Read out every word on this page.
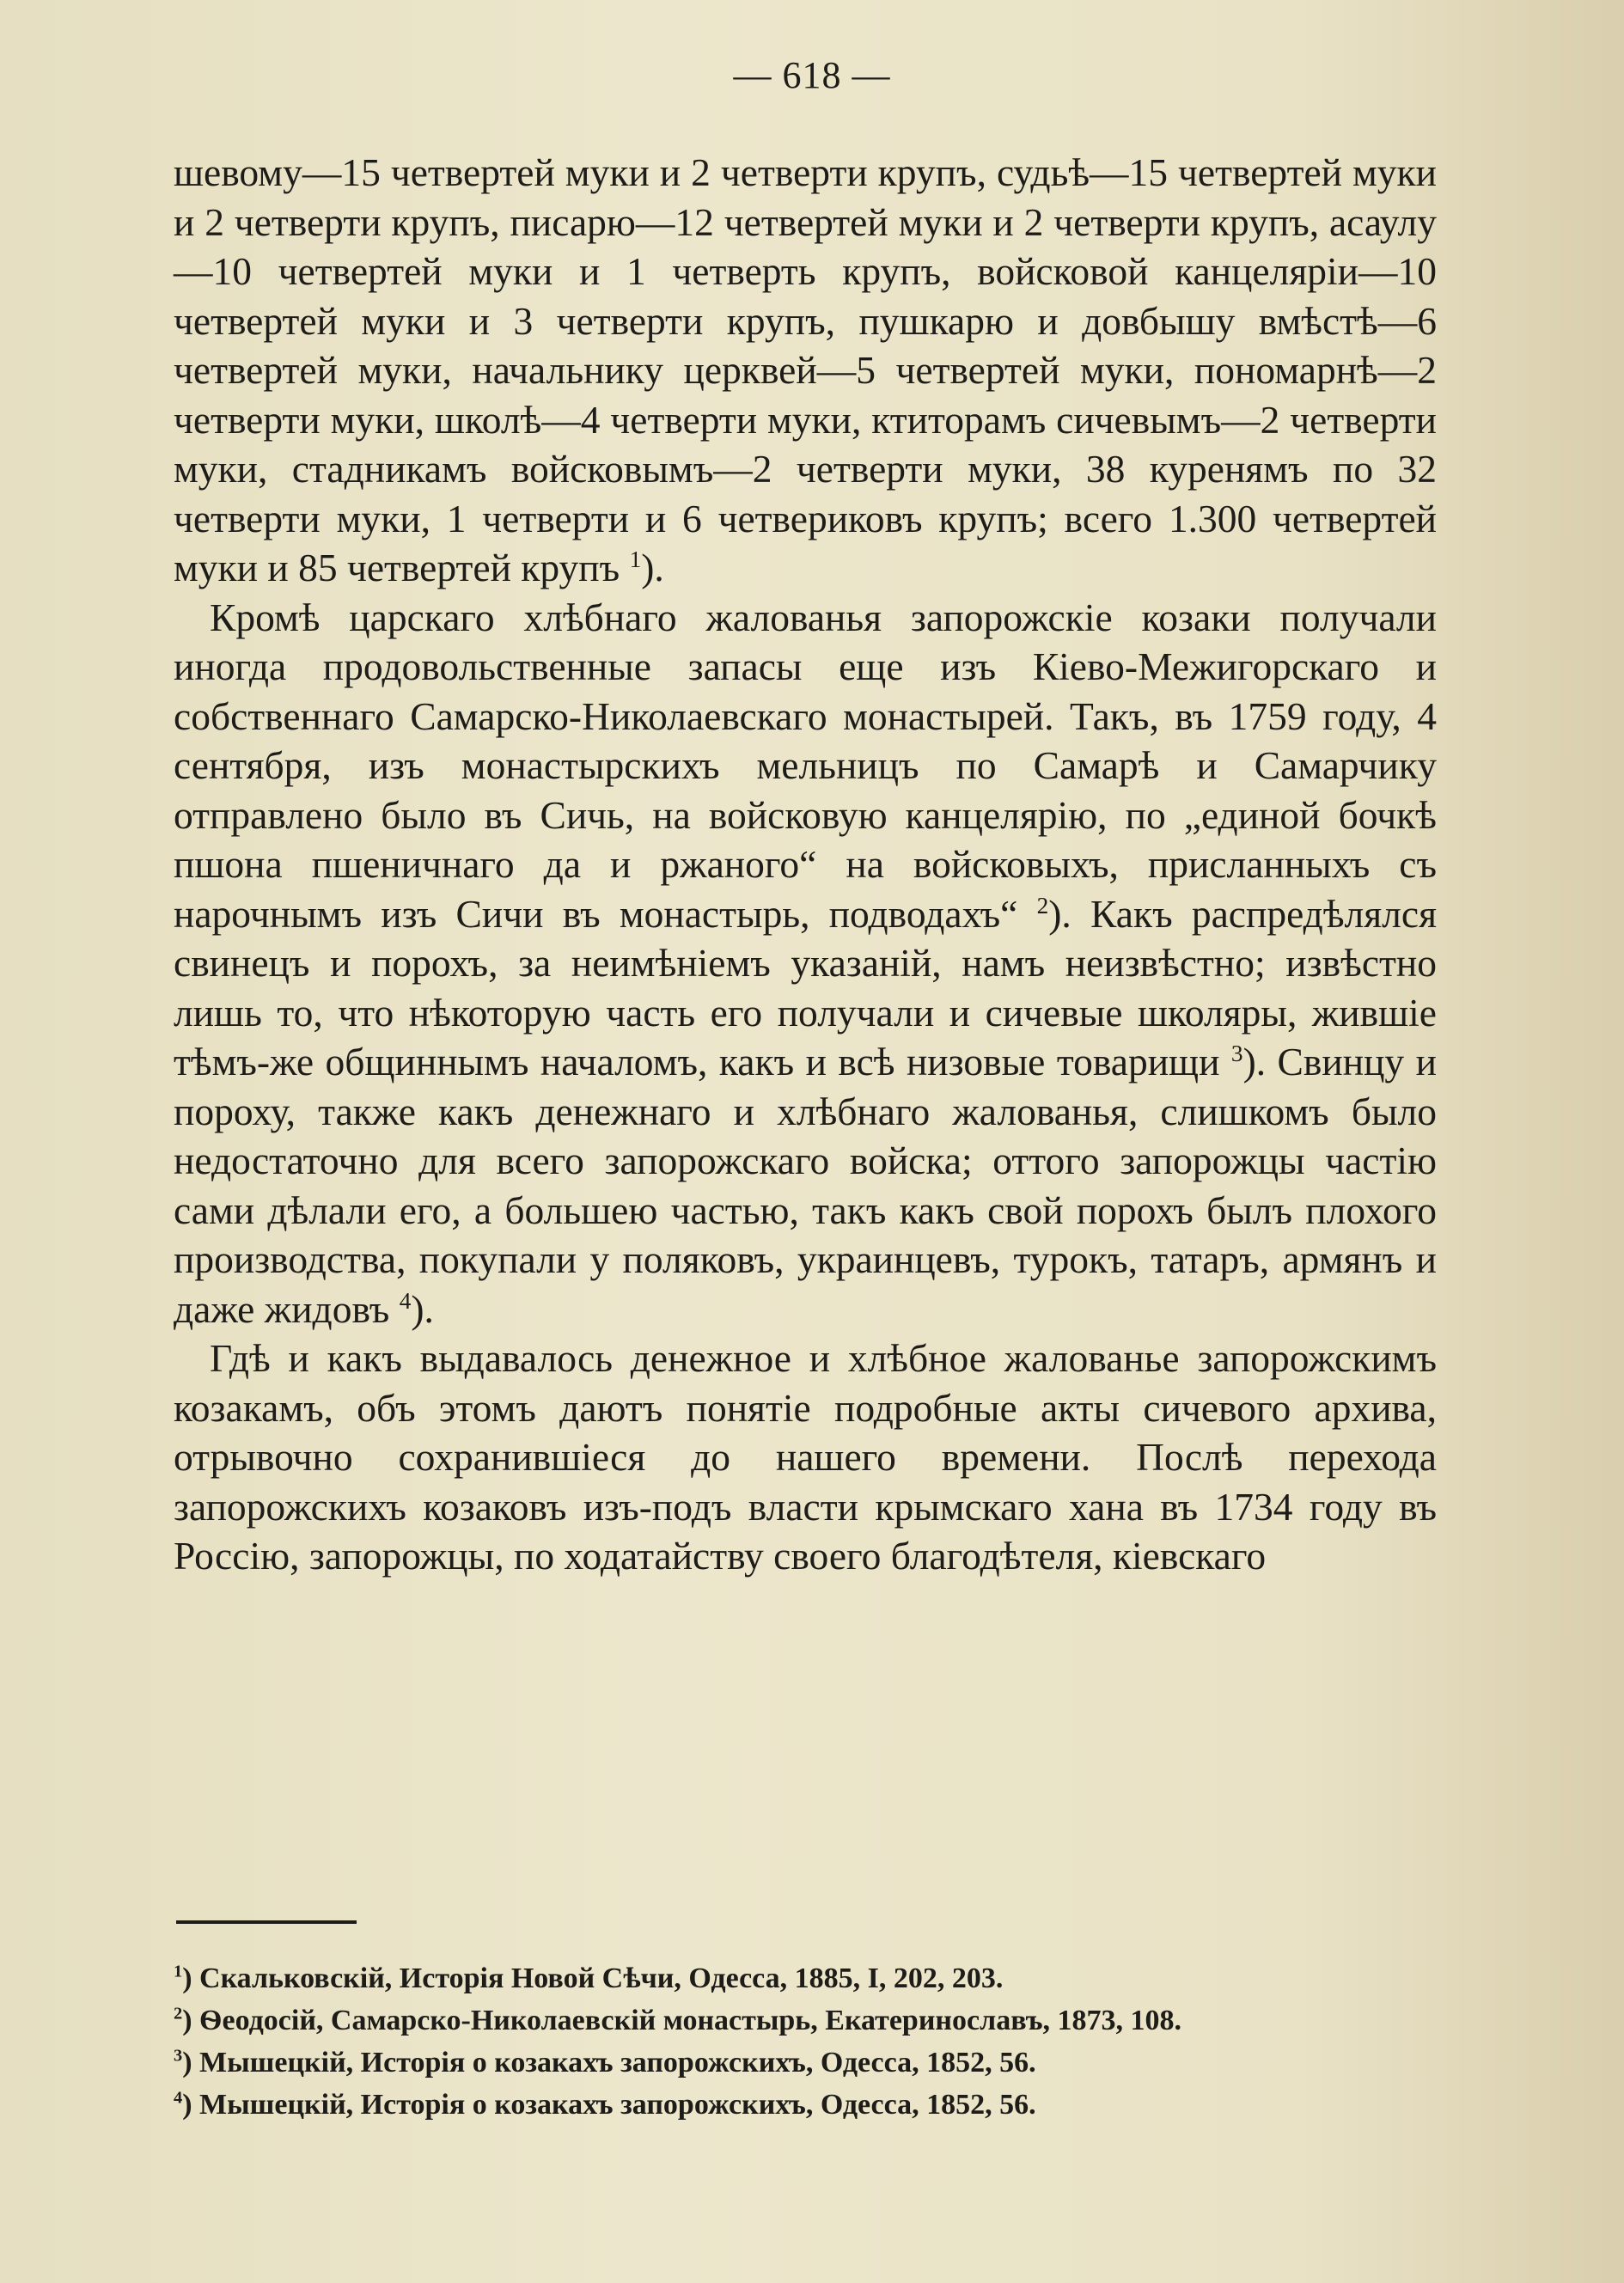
— 618 —

шевому—15 четвертей муки и 2 четверти крупъ, судьѣ—15 четвертей муки и 2 четверти крупъ, писарю—12 четвертей муки и 2 четверти крупъ, асаулу—10 четвертей муки и 1 четверть крупъ, войсковой канцеляріи—10 четвертей муки и 3 четверти крупъ, пушкарю и довбышу вмѣстѣ—6 четвертей муки, начальнику церквей—5 четвертей муки, пономарнѣ—2 четверти муки, школѣ—4 четверти муки, ктиторамъ сичевымъ—2 четверти муки, стадникамъ войсковымъ—2 четверти муки, 38 куренямъ по 32 четверти муки, 1 четверти и 6 четвериковъ крупъ; всего 1.300 четвертей муки и 85 четвертей крупъ $^1$).

Кромѣ царскаго хлѣбнаго жалованья запорожскіе козаки получали иногда продовольственные запасы еще изъ Кіево-Межигорскаго и собственнаго Самарско-Николаевскаго монастырей. Такъ, въ 1759 году, 4 сентября, изъ монастырскихъ мельницъ по Самарѣ и Самарчику отправлено было въ Сичь, на войсковую канцелярію, по „единой бочкѣ пшона пшеничнаго да и ржаного“ на войсковыхъ, присланныхъ съ нарочнымъ изъ Сичи въ монастырь, подводахъ“ $^2$). Какъ распредѣлялся свинецъ и порохъ, за неимѣніемъ указаній, намъ неизвѣстно; извѣстно лишь то, что нѣкоторую часть его получали и сичевые школяры, жившіе тѣмъ-же общиннымъ началомъ, какъ и всѣ низовые товарищи $^3$). Свинцу и пороху, также какъ денежнаго и хлѣбнаго жалованья, слишкомъ было недостаточно для всего запорожскаго войска; оттого запорожцы частію сами дѣлали его, а большею частью, такъ какъ свой порохъ былъ плохого производства, покупали у поляковъ, украинцевъ, турокъ, татаръ, армянъ и даже жидовъ $^4$).

Гдѣ и какъ выдавалось денежное и хлѣбное жалованье запорожскимъ козакамъ, объ этомъ даютъ понятіе подробные акты сичевого архива, отрывочно сохранившіеся до нашего времени. Послѣ перехода запорожскихъ козаковъ изъ-подъ власти крымскаго хана въ 1734 году въ Россію, запорожцы, по ходатайству своего благодѣтеля, кіевскаго

$^1$) Скальковскій, Исторія Новой Сѣчи, Одесса, 1885, I, 202, 203.
$^2$) Ѳеодосій, Самарско-Николаевскій монастырь, Екатеринославъ, 1873, 108.
$^3$) Мышецкій, Исторія о козакахъ запорожскихъ, Одесса, 1852, 56.
$^4$) Мышецкій, Исторія о козакахъ запорожскихъ, Одесса, 1852, 56.
